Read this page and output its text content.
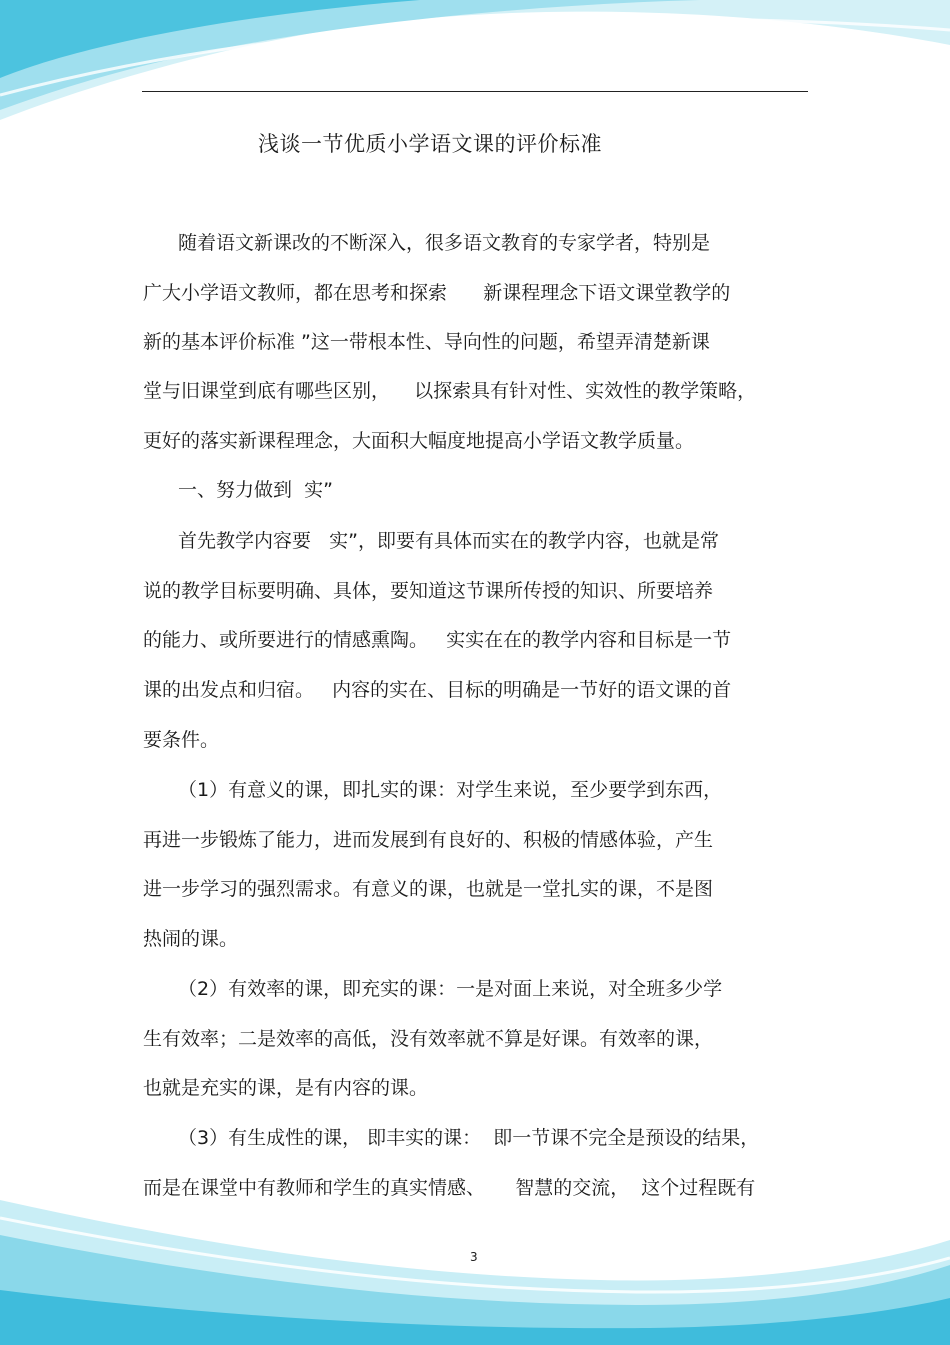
浅谈一节优质小学语文课的评价标准
随着语文新课改的不断深入，很多语文教育的专家学者，特别是
广大小学语文教师，都在思考和探索      新课程理念下语文课堂教学的
新的基本评价标准 ”这一带根本性、导向性的问题，希望弄清楚新课
堂与旧课堂到底有哪些区别，    以探索具有针对性、实效性的教学策略，
更好的落实新课程理念，大面积大幅度地提高小学语文教学质量。
一、努力做到  实”
首先教学内容要   实”，即要有具体而实在的教学内容，也就是常
说的教学目标要明确、具体，要知道这节课所传授的知识、所要培养
的能力、或所要进行的情感熏陶。   实实在在的教学内容和目标是一节
课的出发点和归宿。   内容的实在、目标的明确是一节好的语文课的首
要条件。
（1）有意义的课，即扎实的课：对学生来说，至少要学到东西，
再进一步锻炼了能力，进而发展到有良好的、积极的情感体验，产生
进一步学习的强烈需求。有意义的课，也就是一堂扎实的课，不是图
热闹的课。
（2）有效率的课，即充实的课：一是对面上来说，对全班多少学
生有效率；二是效率的高低，没有效率就不算是好课。有效率的课，
也就是充实的课，是有内容的课。
（3）有生成性的课， 即丰实的课：  即一节课不完全是预设的结果，
而是在课堂中有教师和学生的真实情感、     智慧的交流，  这个过程既有
3
